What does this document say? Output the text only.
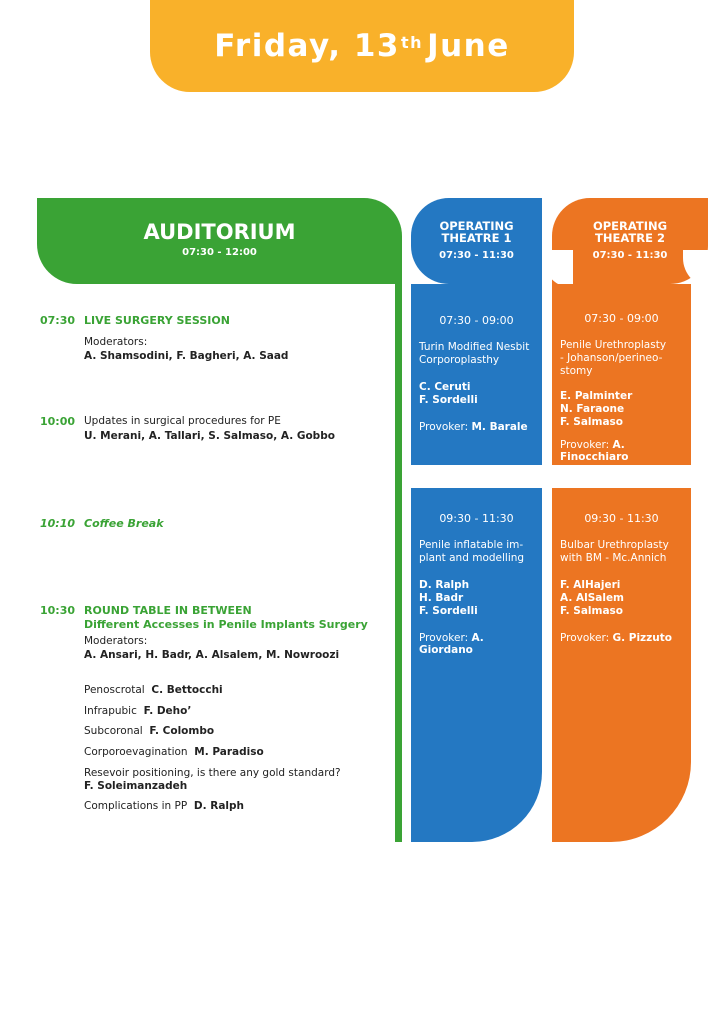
Friday, 13th June
AUDITORIUM
07:30 - 12:00
OPERATING
THEATRE 1
07:30 - 11:30
OPERATING
THEATRE 2
07:30 - 11:30
07:30 - 09:00
Turin Modified Nesbit
Corporoplasthy
C. Ceruti
F. Sordelli
Provoker: M. Barale
07:30 - 09:00
Penile Urethroplasty
- Johanson/perineo-
stomy
E. Palminter
N. Faraone
F. Salmaso
Provoker: A. Finocchiaro
09:30 - 11:30
Penile inflatable im-
plant and modelling
D. Ralph
H. Badr
F. Sordelli
Provoker: A. Giordano
09:30 - 11:30
Bulbar Urethroplasty
with BM - Mc.Annich
F. AlHajeri
A. AlSalem
F. Salmaso
Provoker: G. Pizzuto
07:30 LIVE SURGERY SESSION
Moderators:
A. Shamsodini, F. Bagheri, A. Saad
10:00 Updates in surgical procedures for PE
U. Merani, A. Tallari, S. Salmaso, A. Gobbo
10:10 Coffee Break
10:30 ROUND TABLE IN BETWEEN
Different Accesses in Penile Implants Surgery
Moderators:
A. Ansari, H. Badr, A. Alsalem, M. Nowroozi
Penoscrotal C. Bettocchi
Infrapubic F. Deho’
Subcoronal F. Colombo
Corporoevagination M. Paradiso
Resevoir positioning, is there any gold standard?
F. Soleimanzadeh
Complications in PP D. Ralph
